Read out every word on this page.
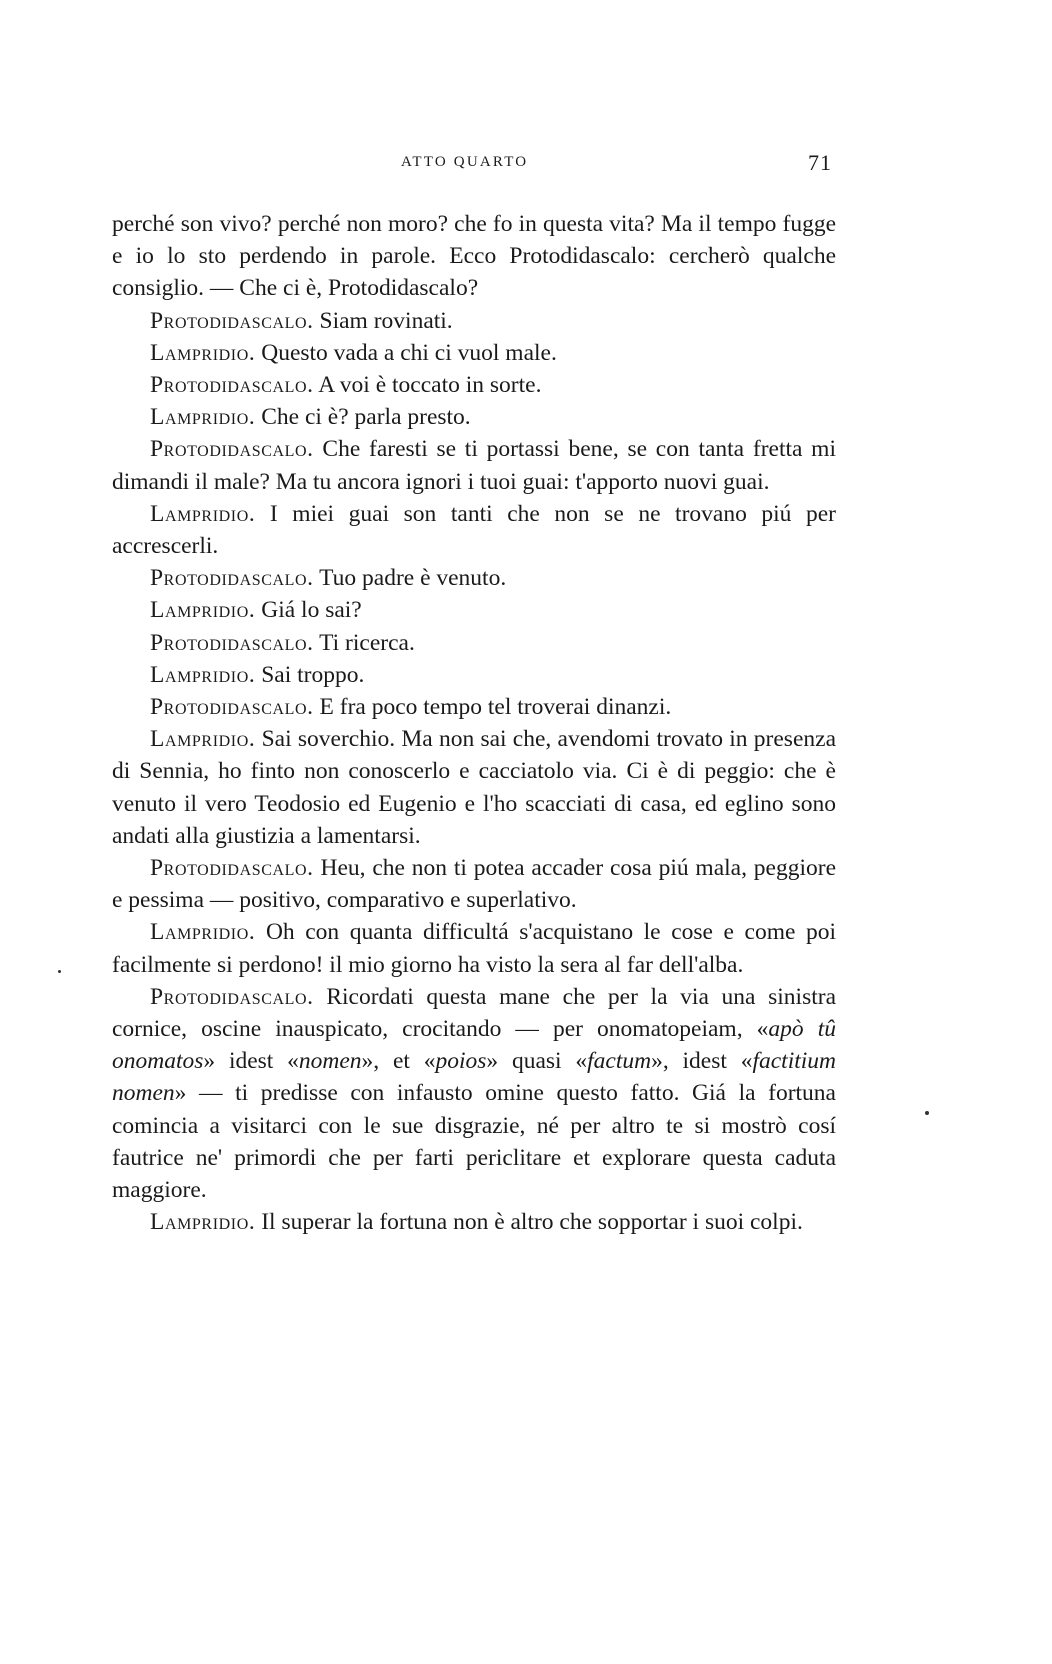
ATTO QUARTO	71

perché son vivo? perché non moro? che fo in questa vita? Ma il tempo fugge e io lo sto perdendo in parole. Ecco Protodidascalo: cercherò qualche consiglio. — Che ci è, Protodidascalo?

Protodidascalo. Siam rovinati.

Lampridio. Questo vada a chi ci vuol male.

Protodidascalo. A voi è toccato in sorte.

Lampridio. Che ci è? parla presto.

Protodidascalo. Che faresti se ti portassi bene, se con tanta fretta mi dimandi il male? Ma tu ancora ignori i tuoi guai: t'apporto nuovi guai.

Lampridio. I miei guai son tanti che non se ne trovano piú per accrescerli.

Protodidascalo. Tuo padre è venuto.

Lampridio. Giá lo sai?

Protodidascalo. Ti ricerca.

Lampridio. Sai troppo.

Protodidascalo. E fra poco tempo tel troverai dinanzi.

Lampridio. Sai soverchio. Ma non sai che, avendomi trovato in presenza di Sennia, ho finto non conoscerlo e cacciatolo via. Ci è di peggio: che è venuto il vero Teodosio ed Eugenio e l'ho scacciati di casa, ed eglino sono andati alla giustizia a lamentarsi.

Protodidascalo. Heu, che non ti potea accader cosa piú mala, peggiore e pessima — positivo, comparativo e superlativo.

Lampridio. Oh con quanta difficultá s'acquistano le cose e come poi facilmente si perdono! il mio giorno ha visto la sera al far dell'alba.

Protodidascalo. Ricordati questa mane che per la via una sinistra cornice, oscine inauspicato, crocitando — per onomatopeiam, «apò tû onomatos» idest «nomen», et «poios» quasi «factum», idest «factitium nomen» — ti predisse con infausto omine questo fatto. Giá la fortuna comincia a visitarci con le sue disgrazie, né per altro te si mostrò cosí fautrice ne' primordi che per farti periclitare et explorare questa caduta maggiore.

Lampridio. Il superar la fortuna non è altro che sopportar i suoi colpi.
